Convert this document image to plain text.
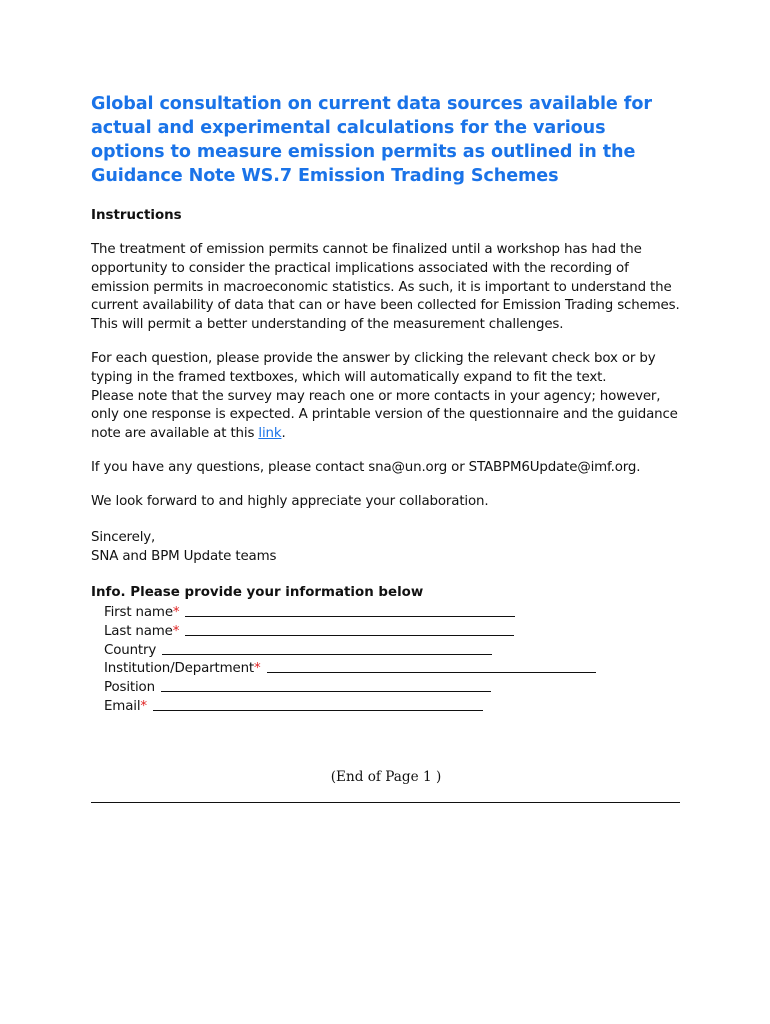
Global consultation on current data sources available for actual and experimental calculations for the various options to measure emission permits as outlined in the Guidance Note WS.7 Emission Trading Schemes
Instructions

The treatment of emission permits cannot be finalized until a workshop has had the opportunity to consider the practical implications associated with the recording of emission permits in macroeconomic statistics. As such, it is important to understand the current availability of data that can or have been collected for Emission Trading schemes. This will permit a better understanding of the measurement challenges.

For each question, please provide the answer by clicking the relevant check box or by typing in the framed textboxes, which will automatically expand to fit the text.

Please note that the survey may reach one or more contacts in your agency; however, only one response is expected. A printable version of the questionnaire and the guidance note are available at this link.

If you have any questions, please contact sna@un.org or STABPM6Update@imf.org.

We look forward to and highly appreciate your collaboration.

Sincerely,
SNA and BPM Update teams
Info. Please provide your information below
First name *
Last name *
Country
Institution/Department *
Position
Email *
(End of Page 1 )
